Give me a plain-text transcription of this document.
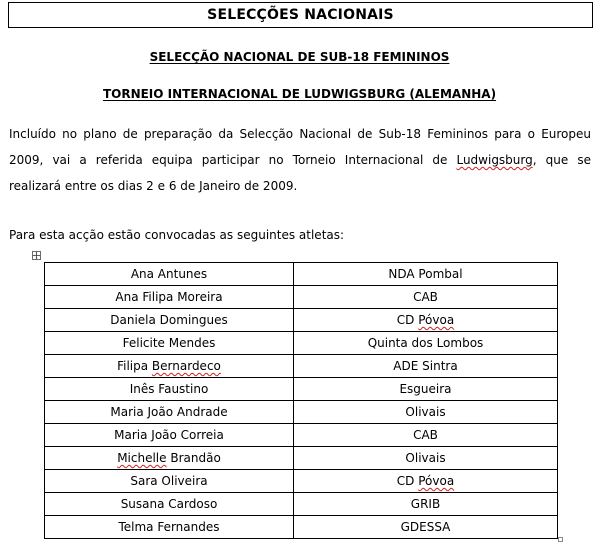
SELECÇÕES NACIONAIS
SELECÇÃO NACIONAL DE SUB-18 FEMININOS
TORNEIO INTERNACIONAL DE LUDWIGSBURG (ALEMANHA)
Incluído no plano de preparação da Selecção Nacional de Sub-18 Femininos para o Europeu
2009, vai a referida equipa participar no Torneio Internacional de Ludwigsburg, que se
realizará entre os dias 2 e 6 de Janeiro de 2009.
Para esta acção estão convocadas as seguintes atletas:
Ana Antunes	NDA Pombal
Ana Filipa Moreira	CAB
Daniela Domingues	CD Póvoa
Felicite Mendes	Quinta dos Lombos
Filipa Bernardeco	ADE Sintra
Inês Faustino	Esgueira
Maria João Andrade	Olivais
Maria João Correia	CAB
Michelle Brandão	Olivais
Sara Oliveira	CD Póvoa
Susana Cardoso	GRIB
Telma Fernandes	GDESSA
